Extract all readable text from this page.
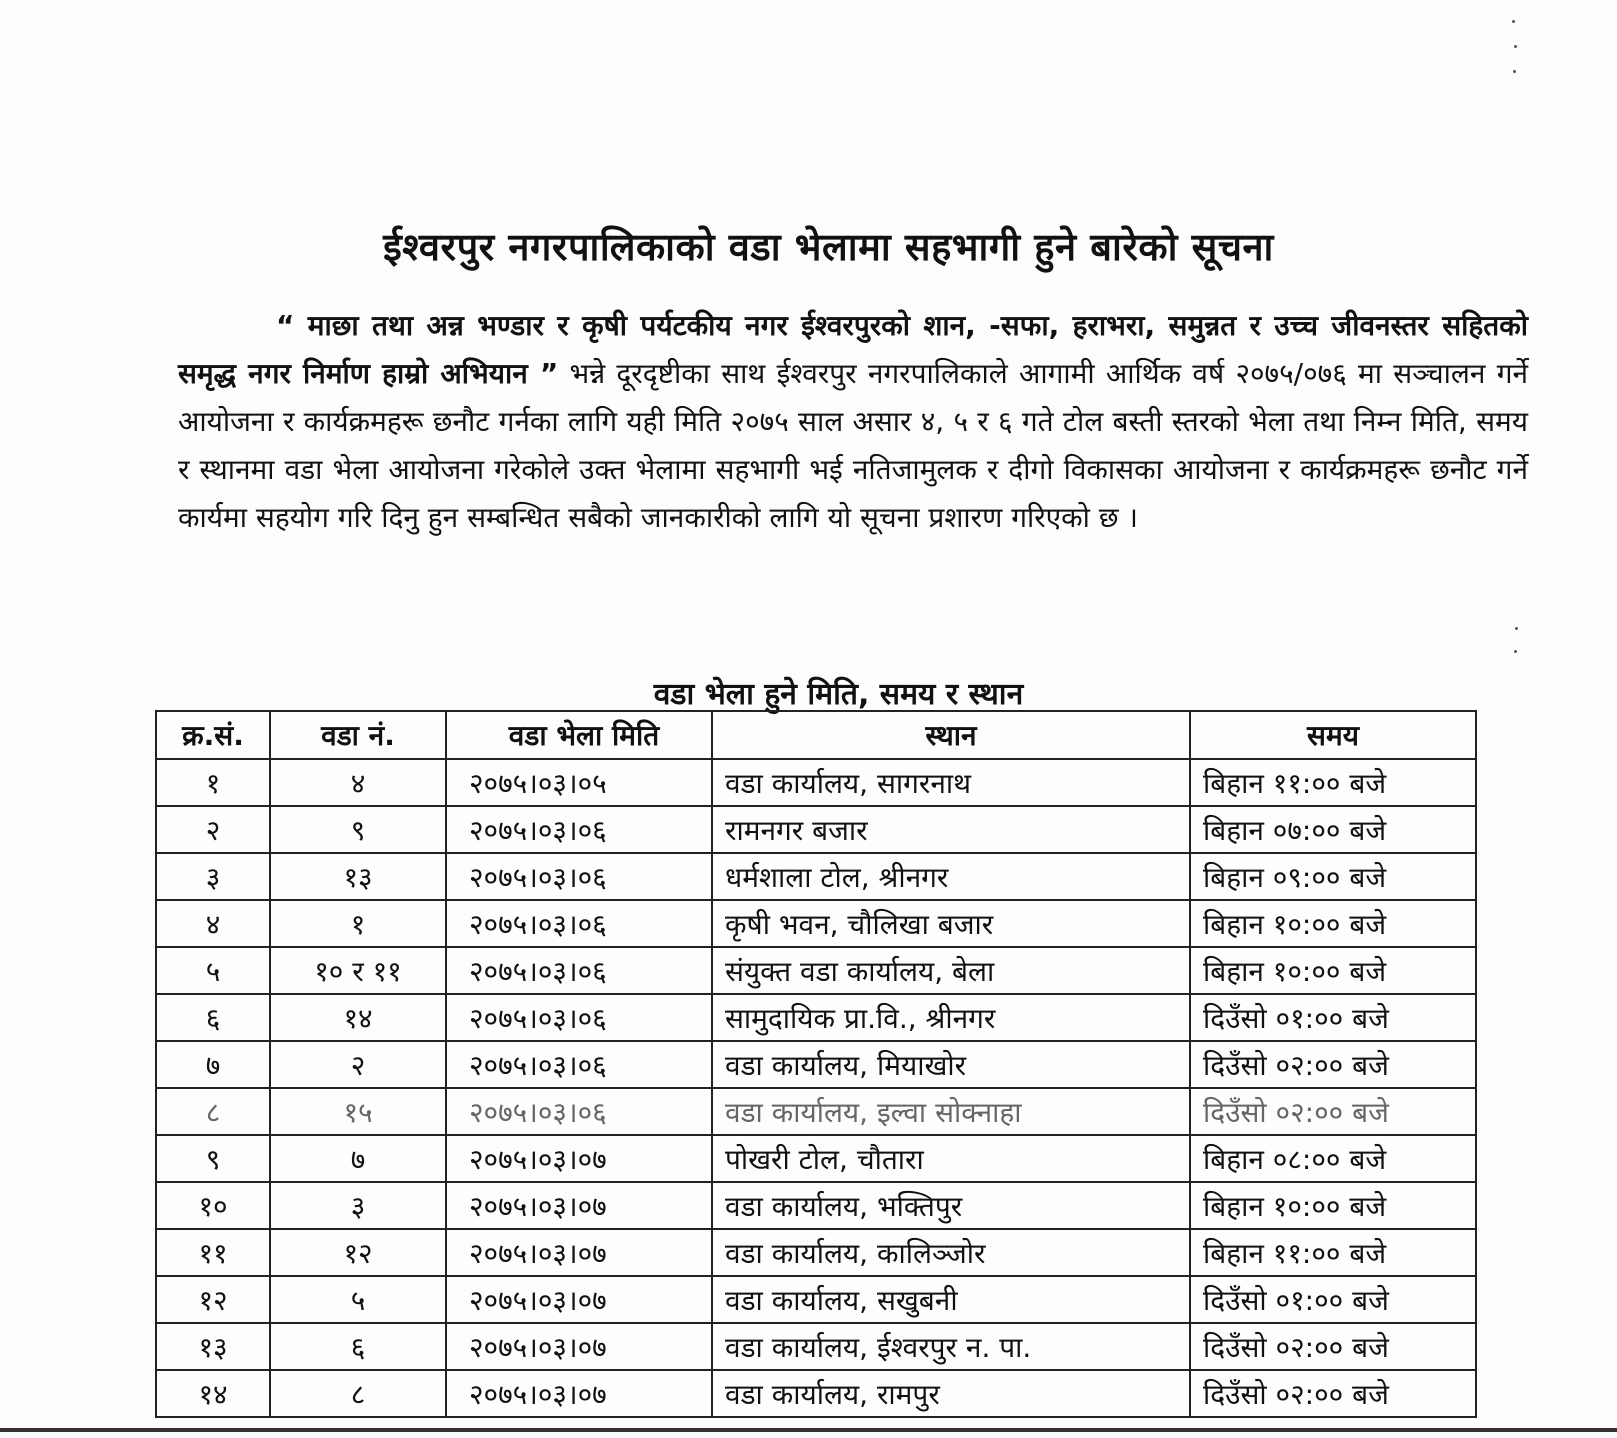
ईश्वरपुर नगरपालिकाको वडा भेलामा सहभागी हुने बारेको सूचना
“ माछा तथा अन्न भण्डार र कृषी पर्यटकीय नगर ईश्वरपुरको शान, -सफा, हराभरा, समुन्नत र उच्च जीवनस्तर सहितको समृद्ध नगर निर्माण हाम्रो अभियान ” भन्ने दूरदृष्टीका साथ ईश्वरपुर नगरपालिकाले आगामी आर्थिक वर्ष २०७५/०७६ मा सञ्चालन गर्ने आयोजना र कार्यक्रमहरू छनौट गर्नका लागि यही मिति २०७५ साल असार ४, ५ र ६ गते टोल बस्ती स्तरको भेला तथा निम्न मिति, समय र स्थानमा वडा भेला आयोजना गरेकोले उक्त भेलामा सहभागी भई नतिजामुलक र दीगो विकासका आयोजना र कार्यक्रमहरू छनौट गर्ने कार्यमा सहयोग गरि दिनु हुन सम्बन्धित सबैको जानकारीको लागि यो सूचना प्रशारण गरिएको छ ।
वडा भेला हुने मिति, समय र स्थान
क्र.सं.	वडा नं.	वडा भेला मिति	स्थान	समय
१	४	२०७५।०३।०५	वडा कार्यालय, सागरनाथ	बिहान ११:०० बजे
२	९	२०७५।०३।०६	रामनगर बजार	बिहान ०७:०० बजे
३	१३	२०७५।०३।०६	धर्मशाला टोल, श्रीनगर	बिहान ०९:०० बजे
४	१	२०७५।०३।०६	कृषी भवन, चौलिखा बजार	बिहान १०:०० बजे
५	१० र ११	२०७५।०३।०६	संयुक्त वडा कार्यालय, बेला	बिहान १०:०० बजे
६	१४	२०७५।०३।०६	सामुदायिक प्रा.वि., श्रीनगर	दिउँसो ०१:०० बजे
७	२	२०७५।०३।०६	वडा कार्यालय, मियाखोर	दिउँसो ०२:०० बजे
८	१५	२०७५।०३।०६	वडा कार्यालय, इल्वा सोक्नाहा	दिउँसो ०२:०० बजे
९	७	२०७५।०३।०७	पोखरी टोल, चौतारा	बिहान ०८:०० बजे
१०	३	२०७५।०३।०७	वडा कार्यालय, भक्तिपुर	बिहान १०:०० बजे
११	१२	२०७५।०३।०७	वडा कार्यालय, कालिञ्जोर	बिहान ११:०० बजे
१२	५	२०७५।०३।०७	वडा कार्यालय, सखुबनी	दिउँसो ०१:०० बजे
१३	६	२०७५।०३।०७	वडा कार्यालय, ईश्वरपुर न. पा.	दिउँसो ०२:०० बजे
१४	८	२०७५।०३।०७	वडा कार्यालय, रामपुर	दिउँसो ०२:०० बजे
